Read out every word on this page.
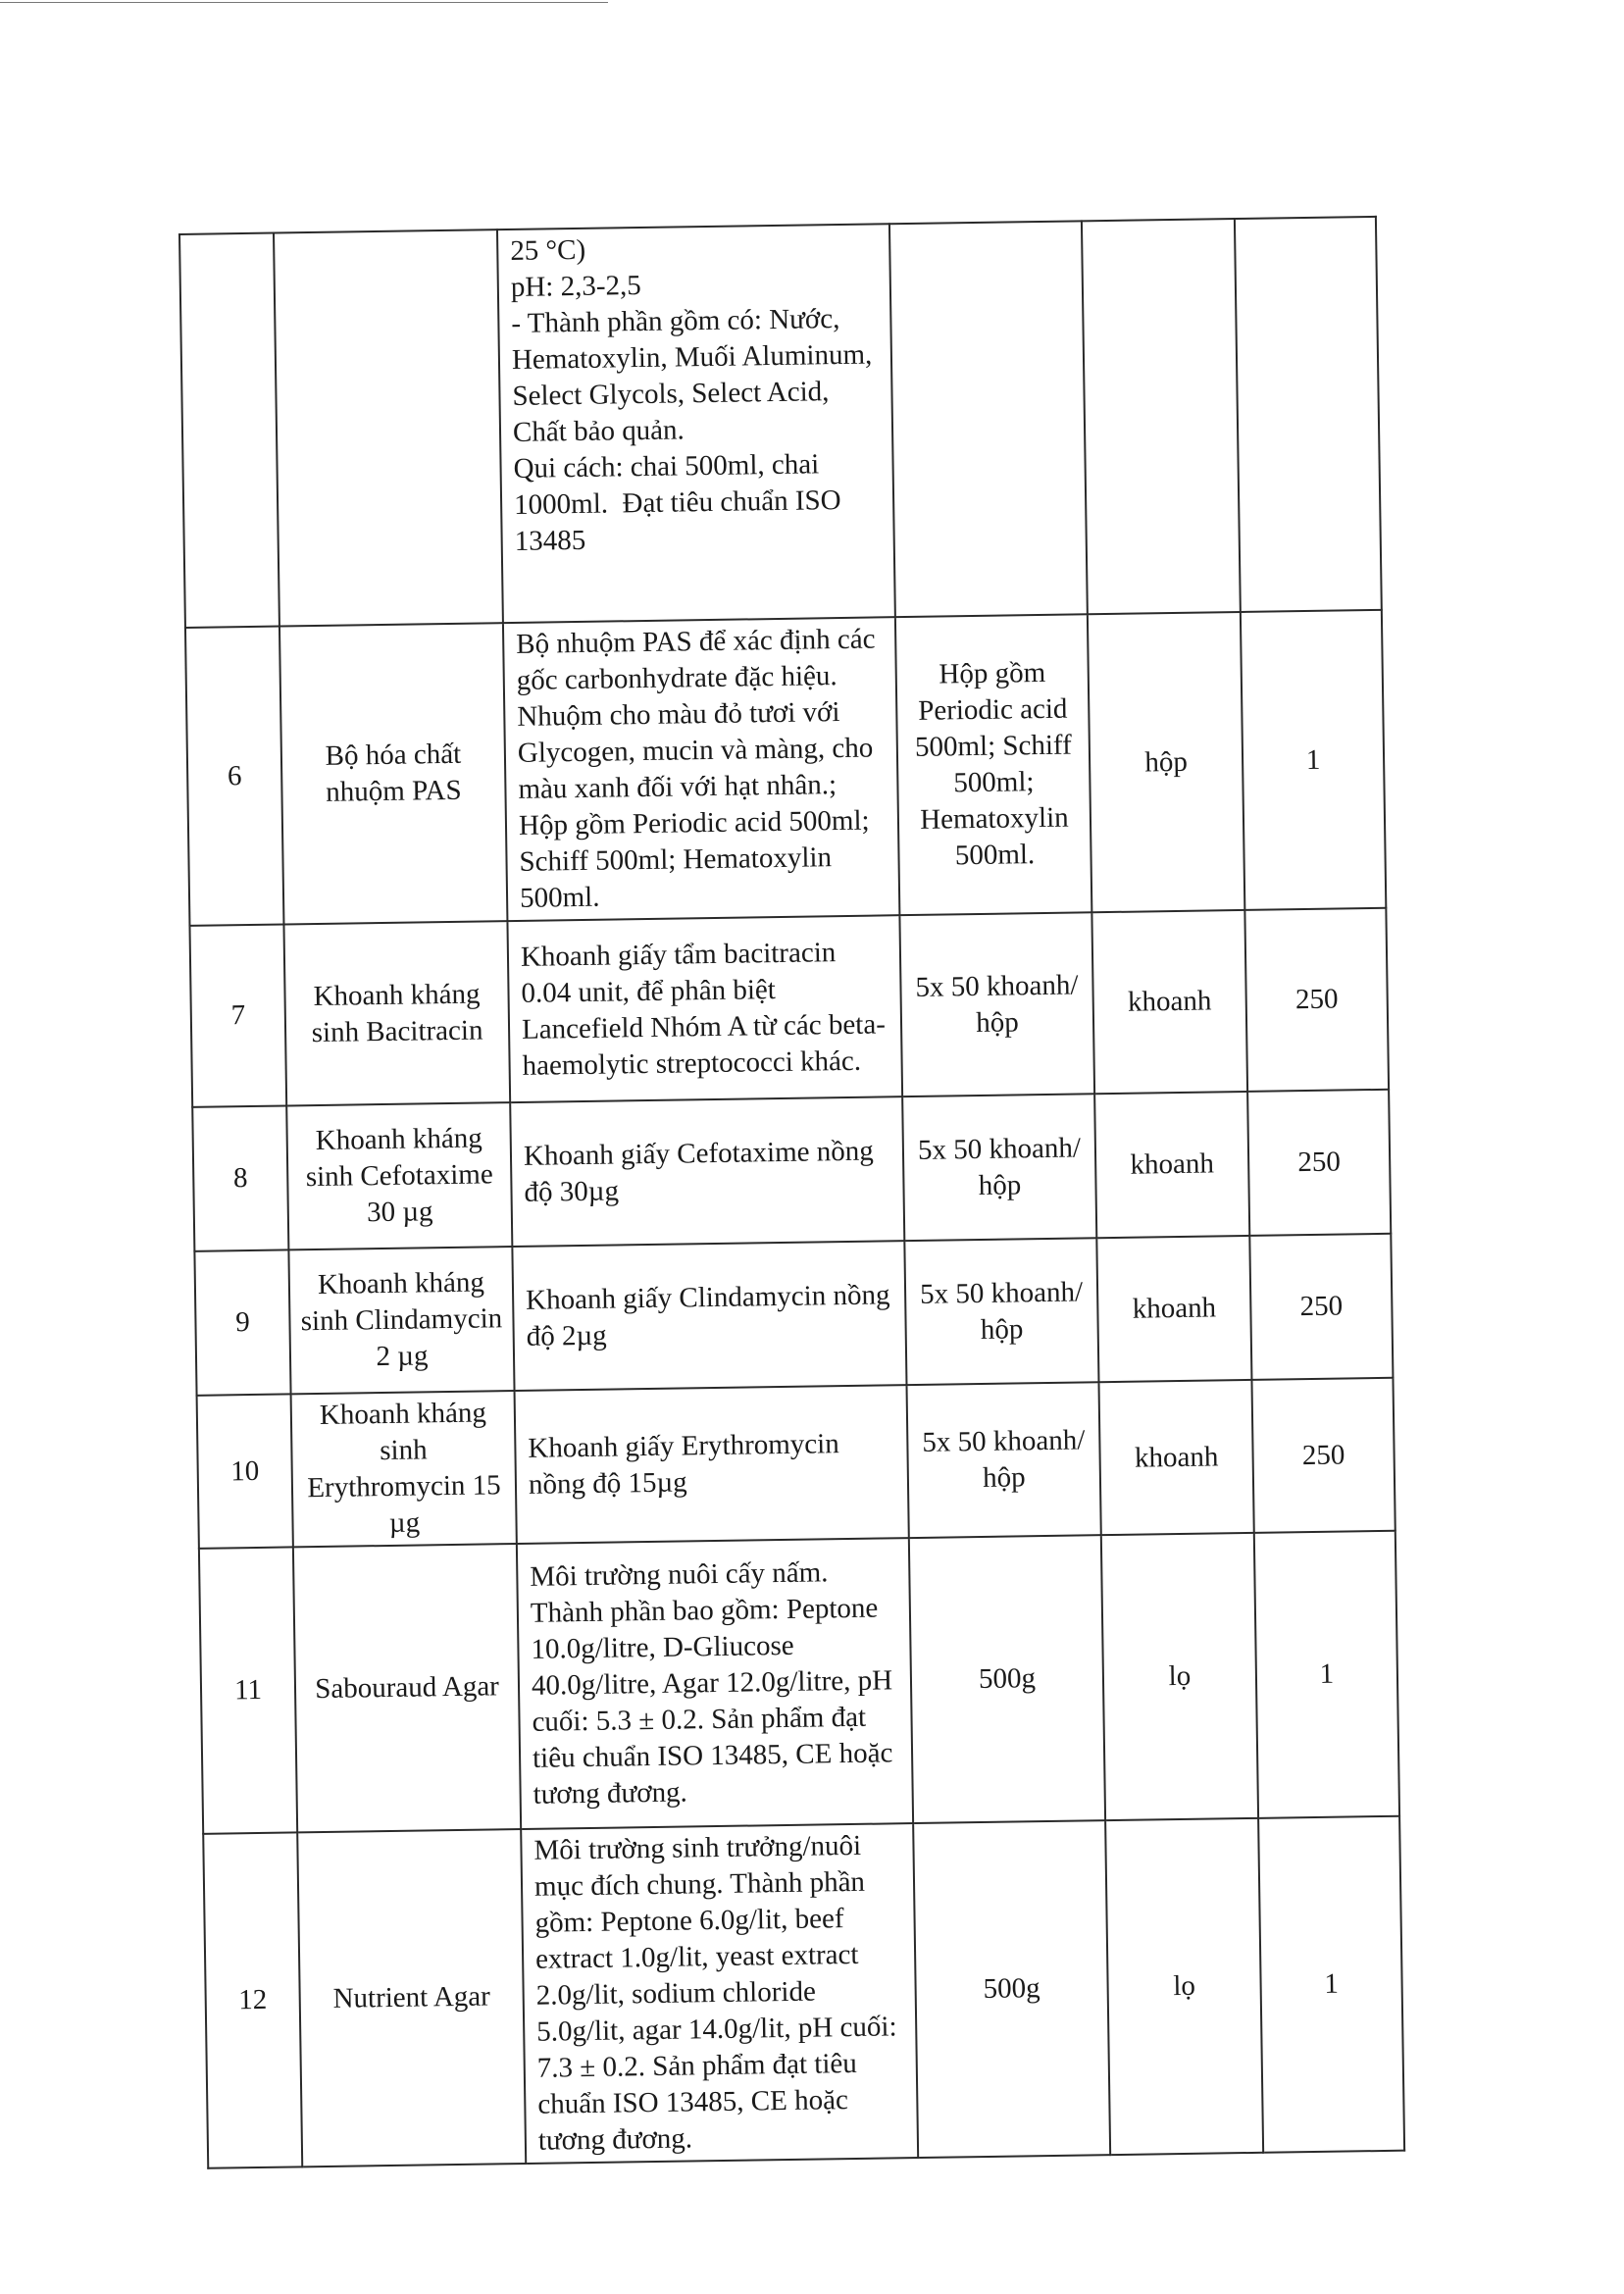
		25 °C)
pH: 2,3-2,5
- Thành phần gồm có: Nước, Hematoxylin, Muối Aluminum, Select Glycols, Select Acid, Chất bảo quản.
Qui cách: chai 500ml, chai 1000ml.  Đạt tiêu chuẩn ISO 13485			

6	Bộ hóa chất nhuộm PAS	Bộ nhuộm PAS để xác định các gốc carbonhydrate đặc hiệu. Nhuộm cho màu đỏ tươi với Glycogen, mucin và màng, cho màu xanh đối với hạt nhân.; Hộp gồm Periodic acid 500ml; Schiff 500ml; Hematoxylin 500ml.	Hộp gồm Periodic acid 500ml; Schiff 500ml; Hematoxylin 500ml.	hộp	1
7	Khoanh kháng sinh Bacitracin	Khoanh giấy tẩm bacitracin 0.04 unit, để phân biệt Lancefield Nhóm A từ các beta- haemolytic streptococci khác.	5x 50 khoanh/ hộp	khoanh	250
8	Khoanh kháng sinh Cefotaxime 30 µg	Khoanh giấy Cefotaxime nồng độ 30µg	5x 50 khoanh/ hộp	khoanh	250
9	Khoanh kháng sinh Clindamycin 2 µg	Khoanh giấy Clindamycin nồng độ 2µg	5x 50 khoanh/ hộp	khoanh	250
10	Khoanh kháng sinh Erythromycin 15 µg	Khoanh giấy Erythromycin nồng độ 15µg	5x 50 khoanh/ hộp	khoanh	250
11	Sabouraud Agar	Môi trường nuôi cấy nấm. Thành phần bao gồm: Peptone 10.0g/litre, D-Gliucose 40.0g/litre, Agar 12.0g/litre, pH cuối: 5.3 ± 0.2. Sản phẩm đạt tiêu chuẩn ISO 13485, CE hoặc tương đương.	500g	lọ	1
12	Nutrient Agar	Môi trường sinh trưởng/nuôi mục đích chung. Thành phần gồm: Peptone 6.0g/lit, beef extract 1.0g/lit, yeast extract 2.0g/lit, sodium chloride 5.0g/lit, agar 14.0g/lit, pH cuối: 7.3 ± 0.2. Sản phẩm đạt tiêu chuẩn ISO 13485, CE hoặc tương đương.	500g	lọ	1
